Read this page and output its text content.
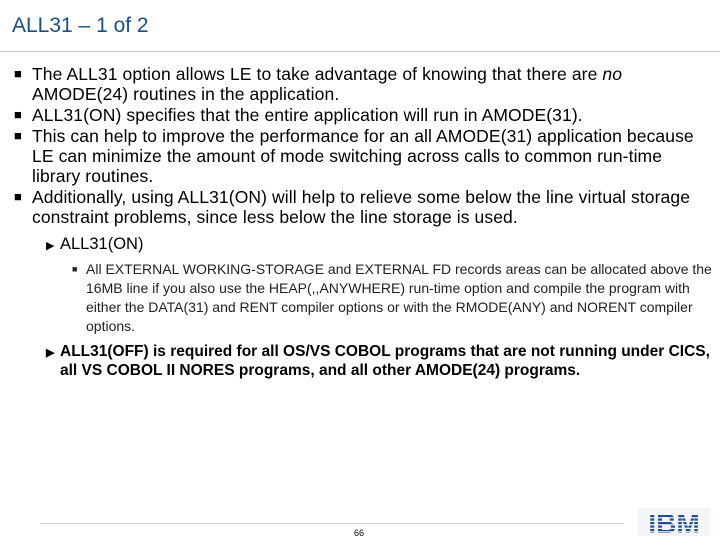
ALL31 – 1 of 2
■ The ALL31 option allows LE to take advantage of knowing that there are no AMODE(24) routines in the application.
■ ALL31(ON) specifies that the entire application will run in AMODE(31).
■ This can help to improve the performance for an all AMODE(31) application because LE can minimize the amount of mode switching across calls to common run-time library routines.
■ Additionally, using ALL31(ON) will help to relieve some below the line virtual storage constraint problems, since less below the line storage is used.
▶ ALL31(ON)
■ All EXTERNAL WORKING-STORAGE and EXTERNAL FD records areas can be allocated above the 16MB line if you also use the HEAP(,,ANYWHERE) run-time option and compile the program with either the DATA(31) and RENT compiler options or with the RMODE(ANY) and NORENT compiler options.
▶ ALL31(OFF) is required for all OS/VS COBOL programs that are not running under CICS, all VS COBOL II NORES programs, and all other AMODE(24) programs.
66	IBM
